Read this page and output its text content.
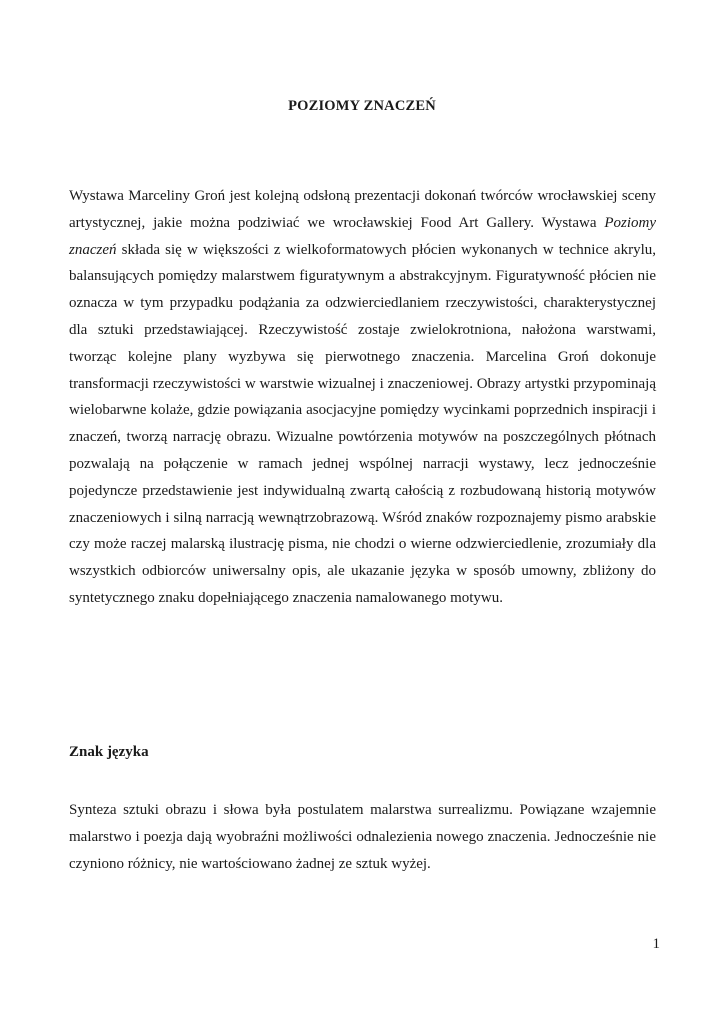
POZIOMY ZNACZEŃ
Wystawa Marceliny Groń jest kolejną odsłoną prezentacji dokonań twórców wrocławskiej sceny artystycznej, jakie można podziwiać we wrocławskiej Food Art Gallery. Wystawa Poziomy znaczeń składa się w większości z wielkoformatowych płócien wykonanych w technice akrylu, balansujących pomiędzy malarstwem figuratywnym a abstrakcyjnym. Figuratywność płócien nie oznacza w tym przypadku podążania za odzwierciedlaniem rzeczywistości, charakterystycznej dla sztuki przedstawiającej. Rzeczywistość zostaje zwielokrotniona, nałożona warstwami, tworząc kolejne plany wyzbywa się pierwotnego znaczenia. Marcelina Groń dokonuje transformacji rzeczywistości w warstwie wizualnej i znaczeniowej. Obrazy artystki przypominają wielobarwne kolaże, gdzie powiązania asocjacyjne pomiędzy wycinkami poprzednich inspiracji i znaczeń, tworzą narrację obrazu. Wizualne powtórzenia motywów na poszczególnych płótnach pozwalają na połączenie w ramach jednej wspólnej narracji wystawy, lecz jednocześnie pojedyncze przedstawienie jest indywidualną zwartą całością z rozbudowaną historią motywów znaczeniowych i silną narracją wewnątrzobrazową. Wśród znaków rozpoznajemy pismo arabskie czy może raczej malarską ilustrację pisma, nie chodzi o wierne odzwierciedlenie, zrozumiały dla wszystkich odbiorców uniwersalny opis, ale ukazanie języka w sposób umowny, zbliżony do syntetycznego znaku dopełniającego znaczenia namalowanego motywu.
Znak języka
Synteza sztuki obrazu i słowa była postulatem malarstwa surrealizmu. Powiązane wzajemnie malarstwo i poezja dają wyobraźni możliwości odnalezienia nowego znaczenia. Jednocześnie nie czyniono różnicy, nie wartościowano żadnej ze sztuk wyżej.
1
